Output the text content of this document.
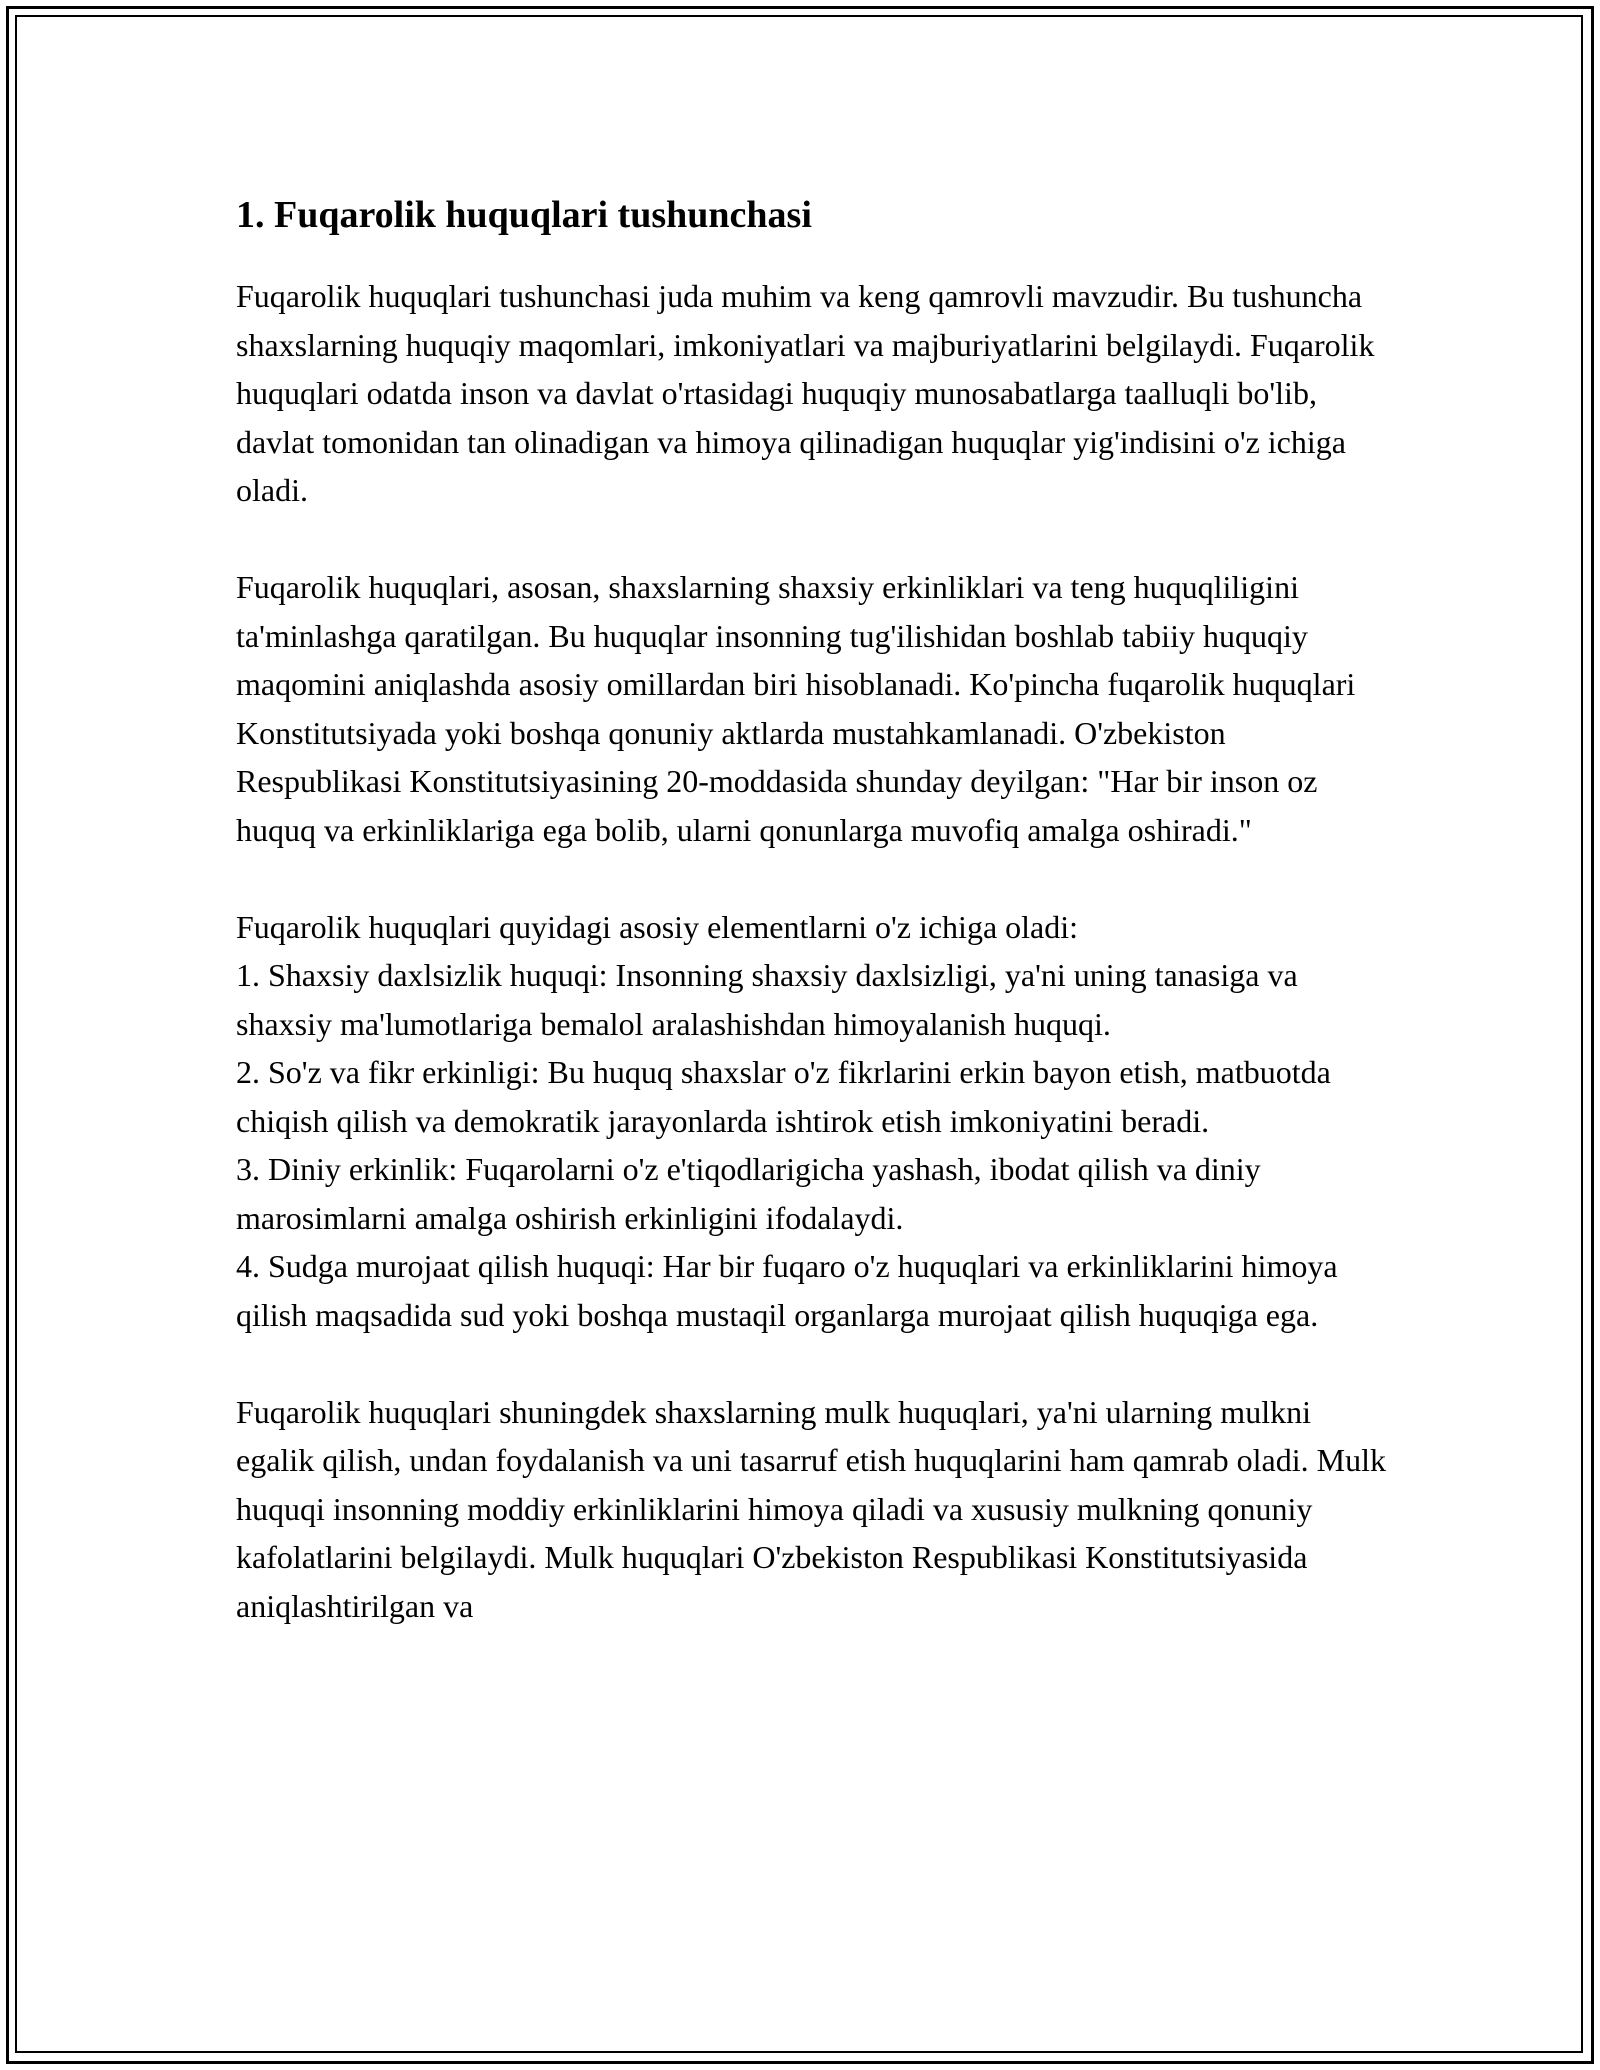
1. Fuqarolik huquqlari tushunchasi

Fuqarolik huquqlari tushunchasi juda muhim va keng qamrovli mavzudir. Bu tushuncha shaxslarning huquqiy maqomlari, imkoniyatlari va majburiyatlarini belgilaydi. Fuqarolik huquqlari odatda inson va davlat o'rtasidagi huquqiy munosabatlarga taalluqli bo'lib, davlat tomonidan tan olinadigan va himoya qilinadigan huquqlar yig'indisini o'z ichiga oladi.

Fuqarolik huquqlari, asosan, shaxslarning shaxsiy erkinliklari va teng huquqliligini ta'minlashga qaratilgan. Bu huquqlar insonning tug'ilishidan boshlab tabiiy huquqiy maqomini aniqlashda asosiy omillardan biri hisoblanadi. Ko'pincha fuqarolik huquqlari Konstitutsiyada yoki boshqa qonuniy aktlarda mustahkamlanadi. O'zbekiston Respublikasi Konstitutsiyasining 20-moddasida shunday deyilgan: "Har bir inson oz huquq va erkinliklariga ega bolib, ularni qonunlarga muvofiq amalga oshiradi."

Fuqarolik huquqlari quyidagi asosiy elementlarni o'z ichiga oladi:
1. Shaxsiy daxlsizlik huquqi: Insonning shaxsiy daxlsizligi, ya'ni uning tanasiga va shaxsiy ma'lumotlariga bemalol aralashishdan himoyalanish huquqi.
2. So'z va fikr erkinligi: Bu huquq shaxslar o'z fikrlarini erkin bayon etish, matbuotda chiqish qilish va demokratik jarayonlarda ishtirok etish imkoniyatini beradi.
3. Diniy erkinlik: Fuqarolarni o'z e'tiqodlarigicha yashash, ibodat qilish va diniy marosimlarni amalga oshirish erkinligini ifodalaydi.
4. Sudga murojaat qilish huquqi: Har bir fuqaro o'z huquqlari va erkinliklarini himoya qilish maqsadida sud yoki boshqa mustaqil organlarga murojaat qilish huquqiga ega.

Fuqarolik huquqlari shuningdek shaxslarning mulk huquqlari, ya'ni ularning mulkni egalik qilish, undan foydalanish va uni tasarruf etish huquqlarini ham qamrab oladi. Mulk huquqi insonning moddiy erkinliklarini himoya qiladi va xususiy mulkning qonuniy kafolatlarini belgilaydi. Mulk huquqlari O'zbekiston Respublikasi Konstitutsiyasida aniqlashtirilgan va
